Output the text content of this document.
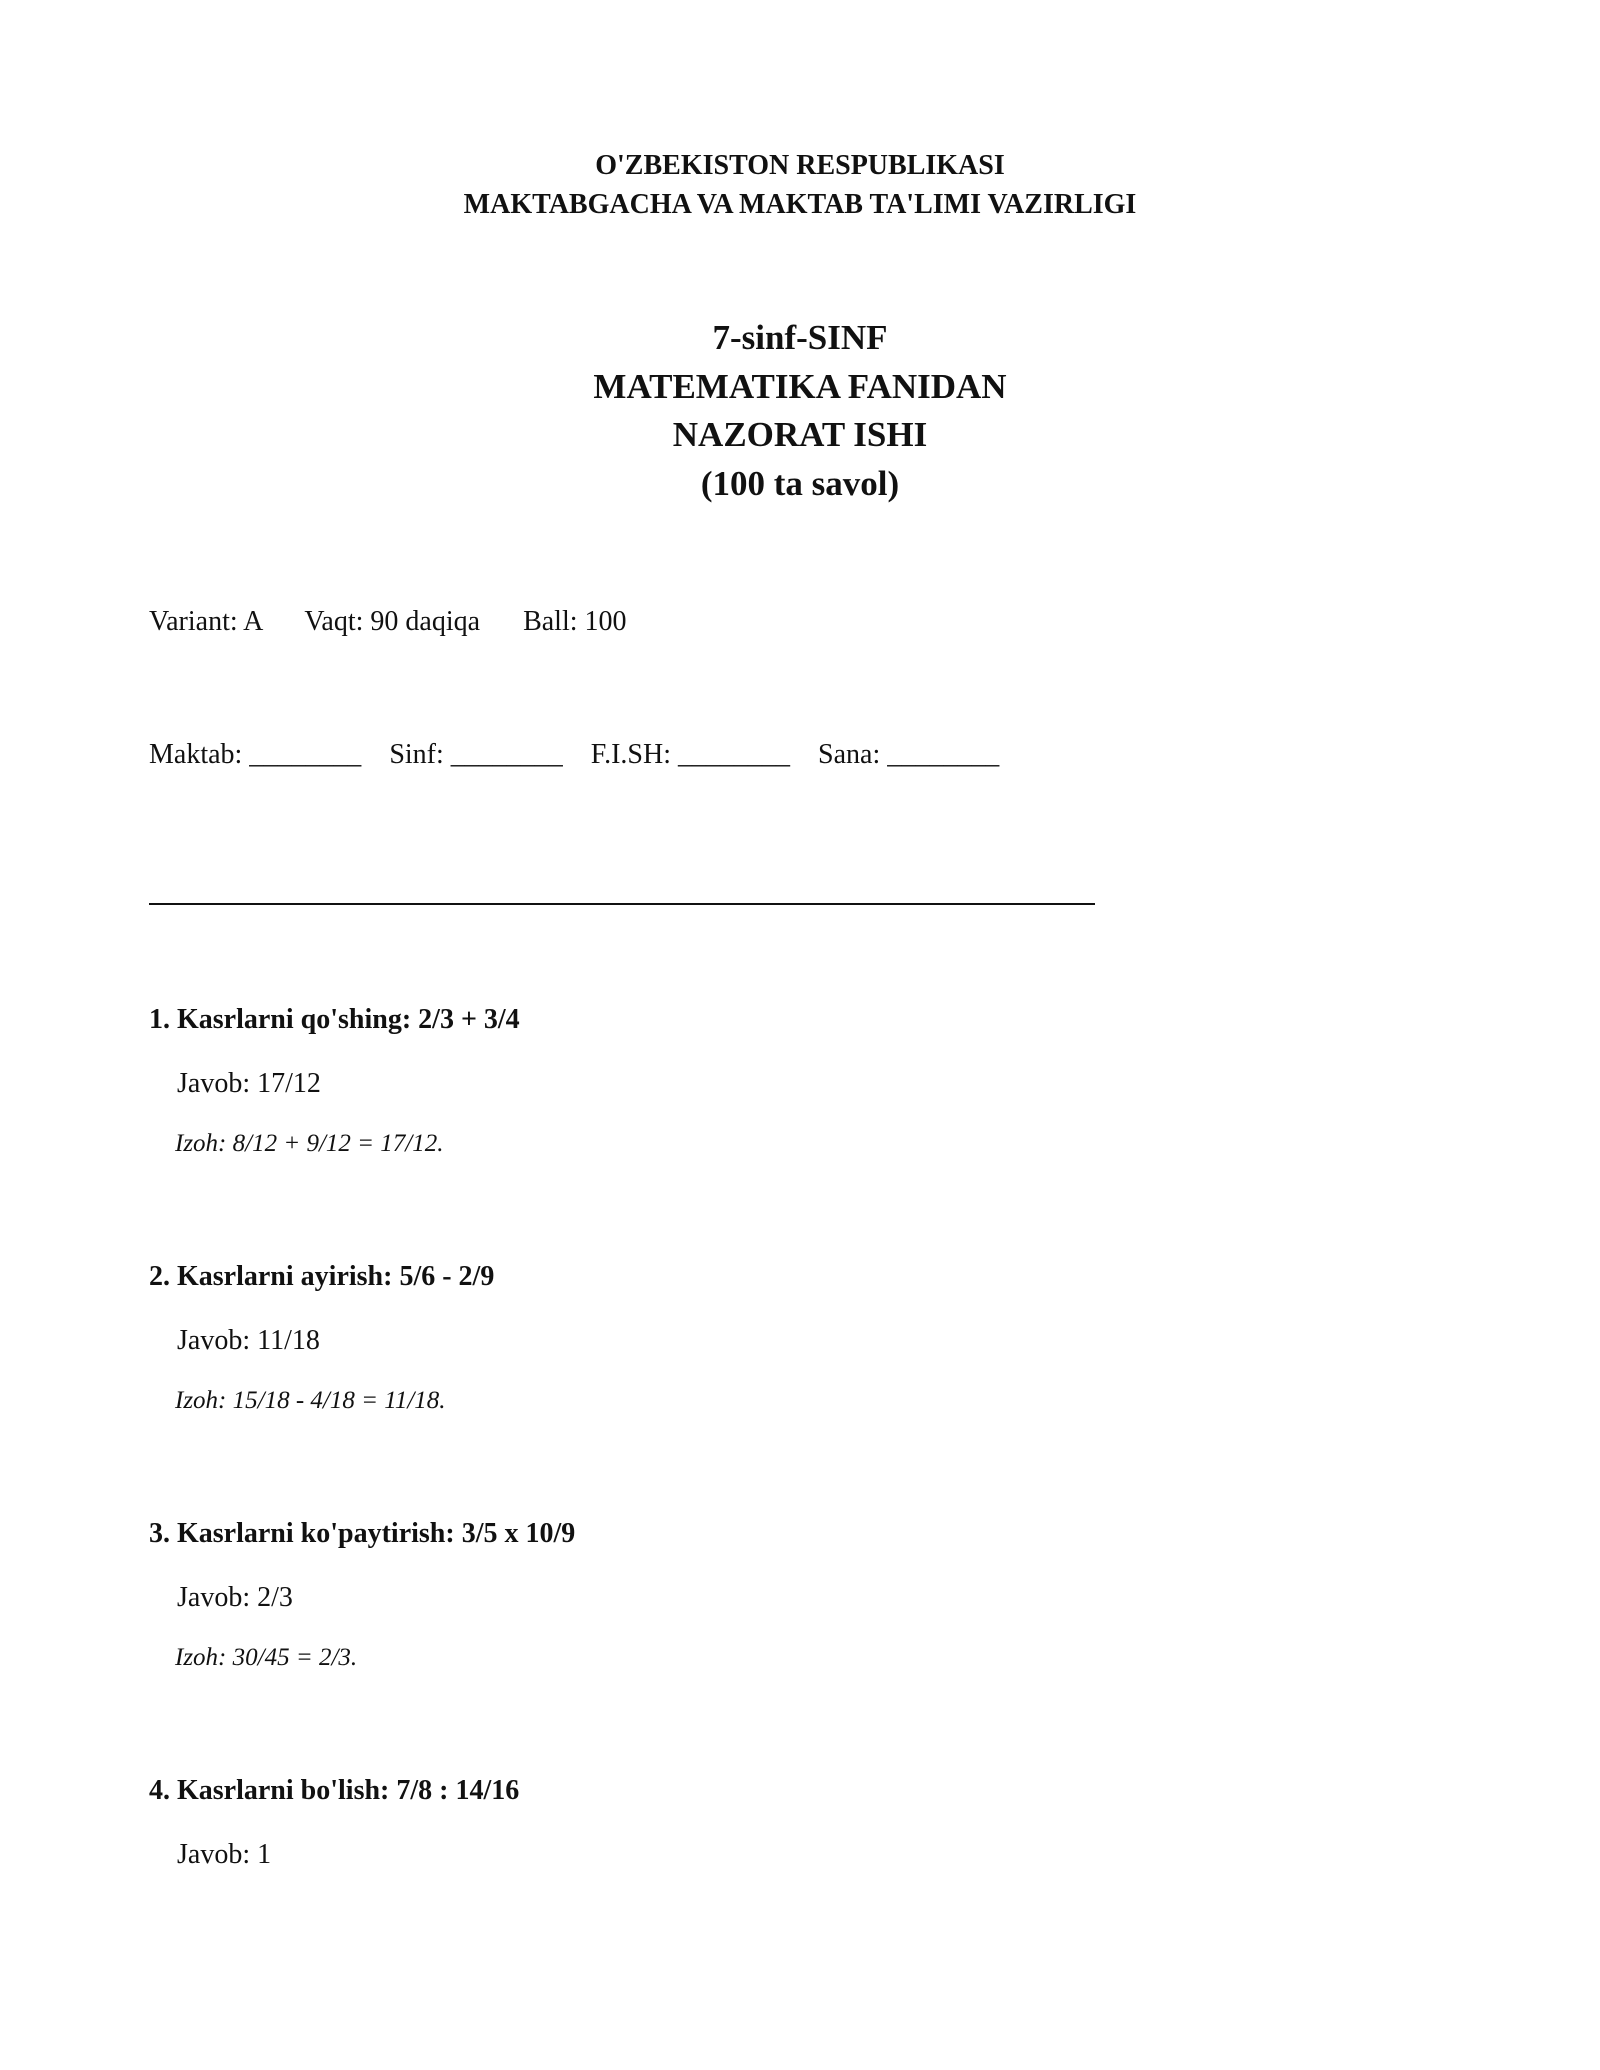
O'ZBEKISTON RESPUBLIKASI
MAKTABGACHA VA MAKTAB TA'LIMI VAZIRLIGI
7-sinf-SINF
MATEMATIKA FANIDAN
NAZORAT ISHI
(100 ta savol)
Variant: A Vaqt: 90 daqiqa Ball: 100
Maktab: ________ Sinf: ________ F.I.SH: ________ Sana: ________
1. Kasrlarni qo'shing: 2/3 + 3/4
Javob: 17/12
Izoh: 8/12 + 9/12 = 17/12.
2. Kasrlarni ayirish: 5/6 - 2/9
Javob: 11/18
Izoh: 15/18 - 4/18 = 11/18.
3. Kasrlarni ko'paytirish: 3/5 x 10/9
Javob: 2/3
Izoh: 30/45 = 2/3.
4. Kasrlarni bo'lish: 7/8 : 14/16
Javob: 1
